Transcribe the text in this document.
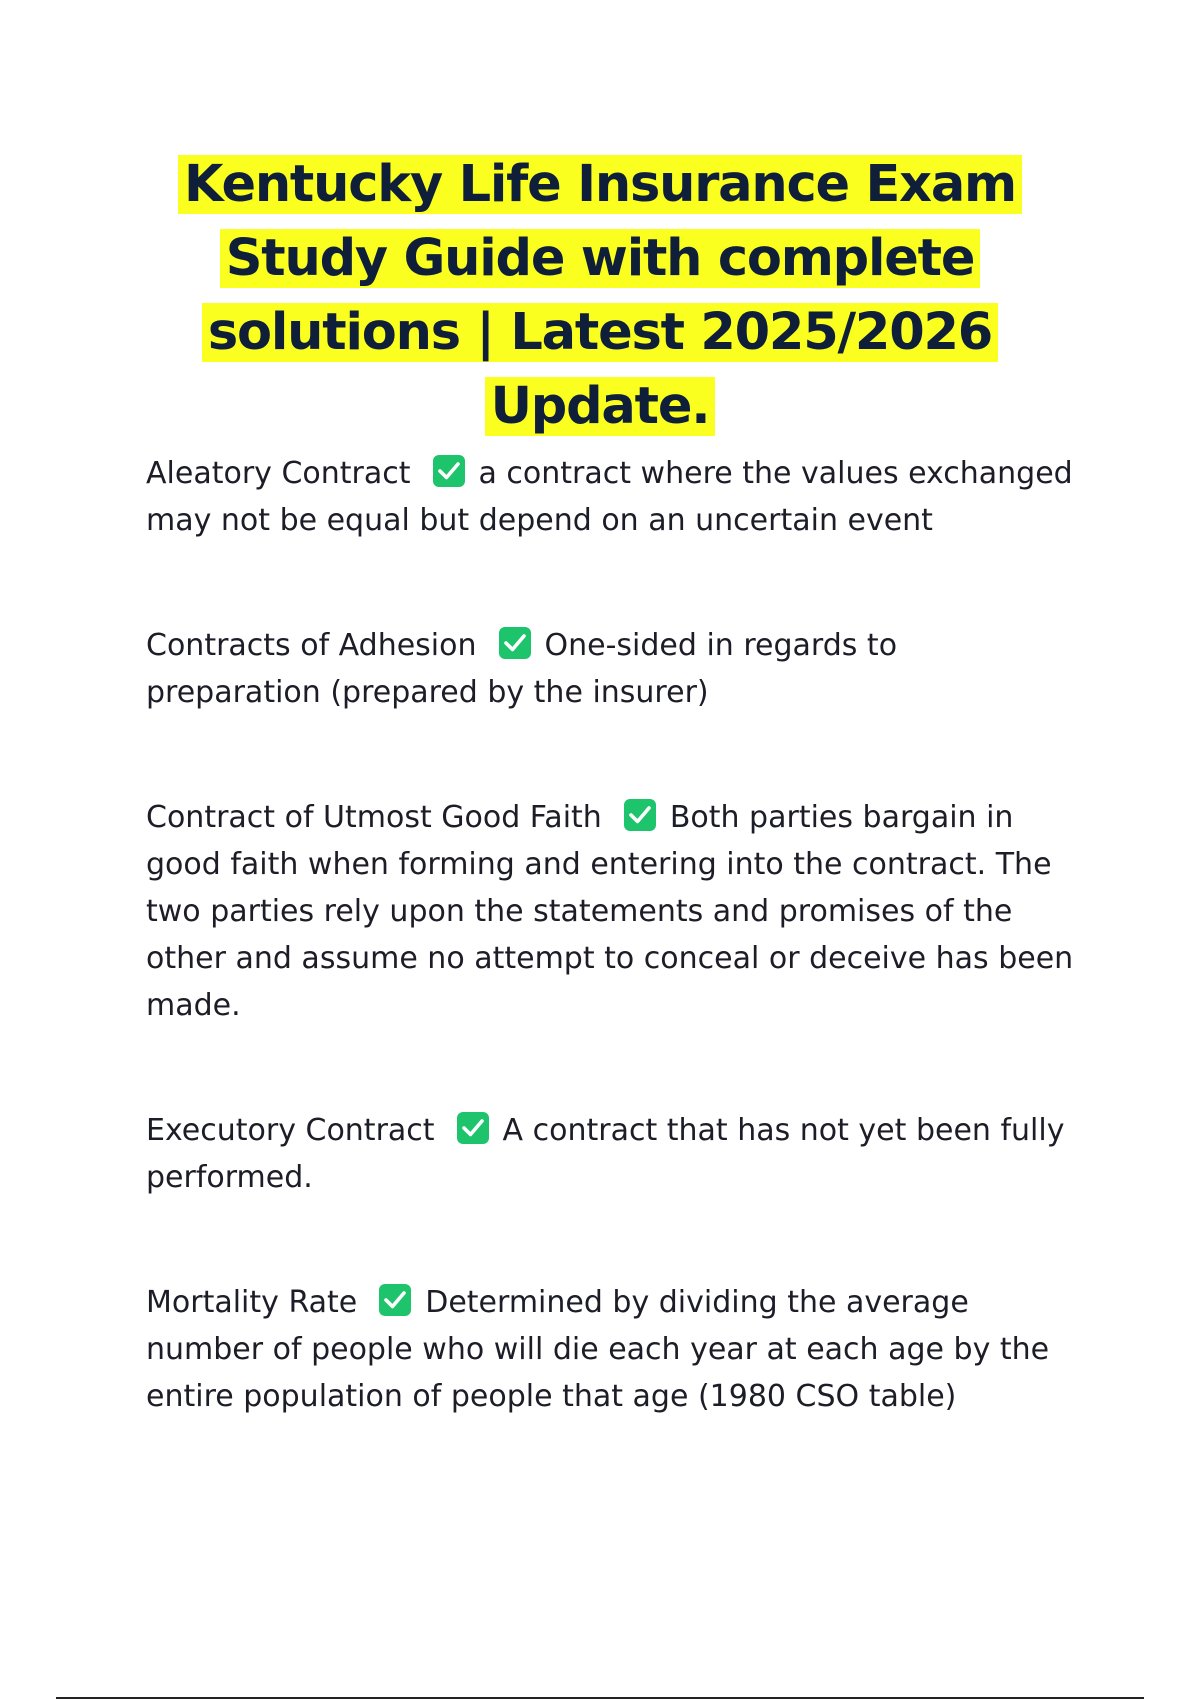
Kentucky Life Insurance Exam Study Guide with complete solutions | Latest 2025/2026 Update.

Aleatory Contract a contract where the values exchanged may not be equal but depend on an uncertain event

Contracts of Adhesion One-sided in regards to preparation (prepared by the insurer)

Contract of Utmost Good Faith Both parties bargain in good faith when forming and entering into the contract. The two parties rely upon the statements and promises of the other and assume no attempt to conceal or deceive has been made.

Executory Contract A contract that has not yet been fully performed.

Mortality Rate Determined by dividing the average number of people who will die each year at each age by the entire population of people that age (1980 CSO table)
